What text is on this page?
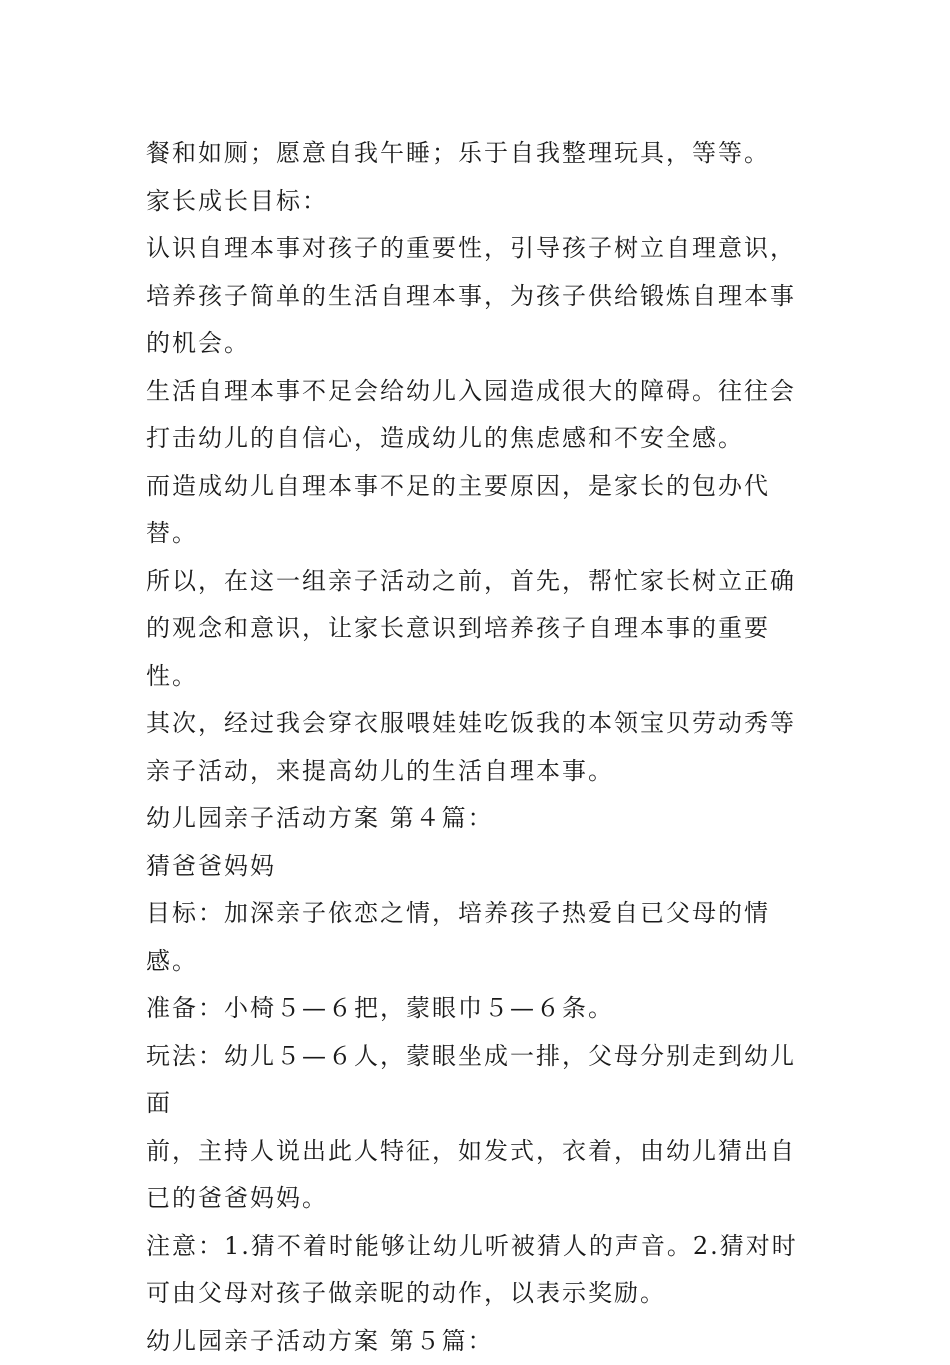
餐和如厕；愿意自我午睡；乐于自我整理玩具，等等。

家长成长目标：

认识自理本事对孩子的重要性，引导孩子树立自理意识，
培养孩子简单的生活自理本事，为孩子供给锻炼自理本事
的机会。

生活自理本事不足会给幼儿入园造成很大的障碍。往往会
打击幼儿的自信心，造成幼儿的焦虑感和不安全感。

而造成幼儿自理本事不足的主要原因，是家长的包办代替。
所以，在这一组亲子活动之前，首先，帮忙家长树立正确
的观念和意识，让家长意识到培养孩子自理本事的重要性。
其次，经过我会穿衣服喂娃娃吃饭我的本领宝贝劳动秀等
亲子活动，来提高幼儿的生活自理本事。

幼儿园亲子活动方案 第４篇：

猜爸爸妈妈

目标：加深亲子依恋之情，培养孩子热爱自已父母的情感。

准备：小椅５—６把，蒙眼巾５—６条。

玩法：幼儿５—６人，蒙眼坐成一排，父母分别走到幼儿面
前，主持人说出此人特征，如发式，衣着，由幼儿猜出自
已的爸爸妈妈。

注意：1.猜不着时能够让幼儿听被猜人的声音。2.猜对时
可由父母对孩子做亲昵的动作，以表示奖励。

幼儿园亲子活动方案 第５篇：
